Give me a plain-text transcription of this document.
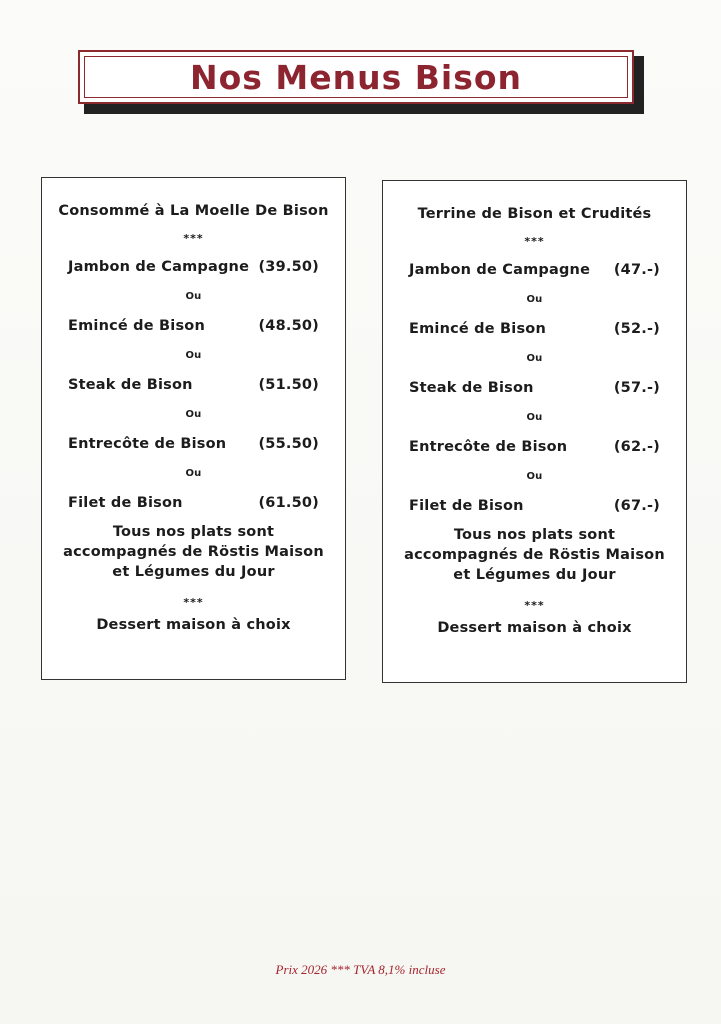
Nos Menus Bison
Consommé à La Moelle De Bison
***
Jambon de Campagne (39.50)
Ou
Emincé de Bison	(48.50)
Ou
Steak de Bison	(51.50)
Ou
Entrecôte de Bison (55.50)
Ou
Filet de Bison	(61.50)
Tous nos plats sont
accompagnés de Röstis Maison
et Légumes du Jour
***
Dessert maison à choix
Terrine de Bison et Crudités
***
Jambon de Campagne (47.-)
Ou
Emincé de Bison	(52.-)
Ou
Steak de Bison	(57.-)
Ou
Entrecôte de Bison	(62.-)
Ou
Filet de Bison	(67.-)
Tous nos plats sont
accompagnés de Röstis Maison
et Légumes du Jour
***
Dessert maison à choix
Prix 2026 *** TVA 8,1% incluse
